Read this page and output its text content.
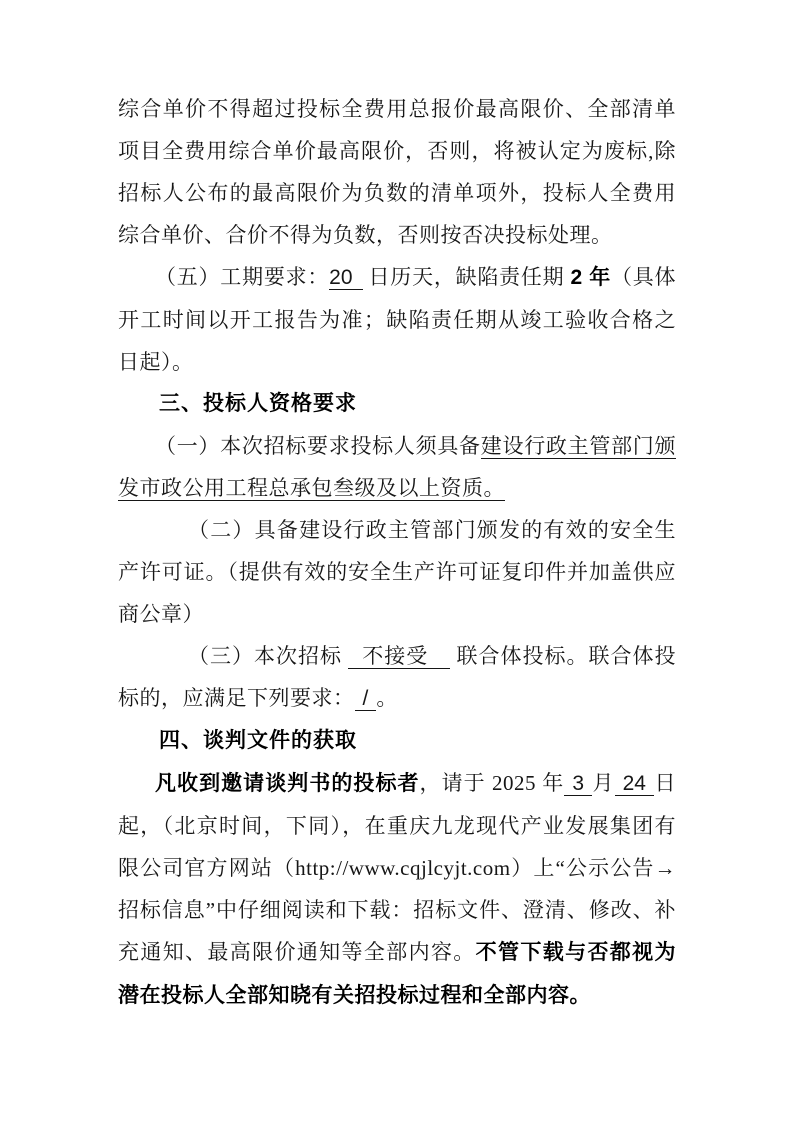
综合单价不得超过投标全费用总报价最高限价、全部清单项目全费用综合单价最高限价，否则，将被认定为废标,除招标人公布的最高限价为负数的清单项外，投标人全费用综合单价、合价不得为负数，否则按否决投标处理。

（五）工期要求：20 日历天，缺陷责任期 2 年（具体开工时间以开工报告为准；缺陷责任期从竣工验收合格之日起）。

三、投标人资格要求

（一）本次招标要求投标人须具备建设行政主管部门颁发市政公用工程总承包叁级及以上资质。

（二）具备建设行政主管部门颁发的有效的安全生产许可证。（提供有效的安全生产许可证复印件并加盖供应商公章）

（三）本次招标 不接受 联合体投标。联合体投标的，应满足下列要求： / 。

四、谈判文件的获取

凡收到邀请谈判书的投标者，请于 2025 年 3 月 24 日起，（北京时间，下同），在重庆九龙现代产业发展集团有限公司官方网站（http://www.cqjlcyjt.com）上“公示公告→招标信息”中仔细阅读和下载：招标文件、澄清、修改、补充通知、最高限价通知等全部内容。不管下载与否都视为潜在投标人全部知晓有关招投标过程和全部内容。
